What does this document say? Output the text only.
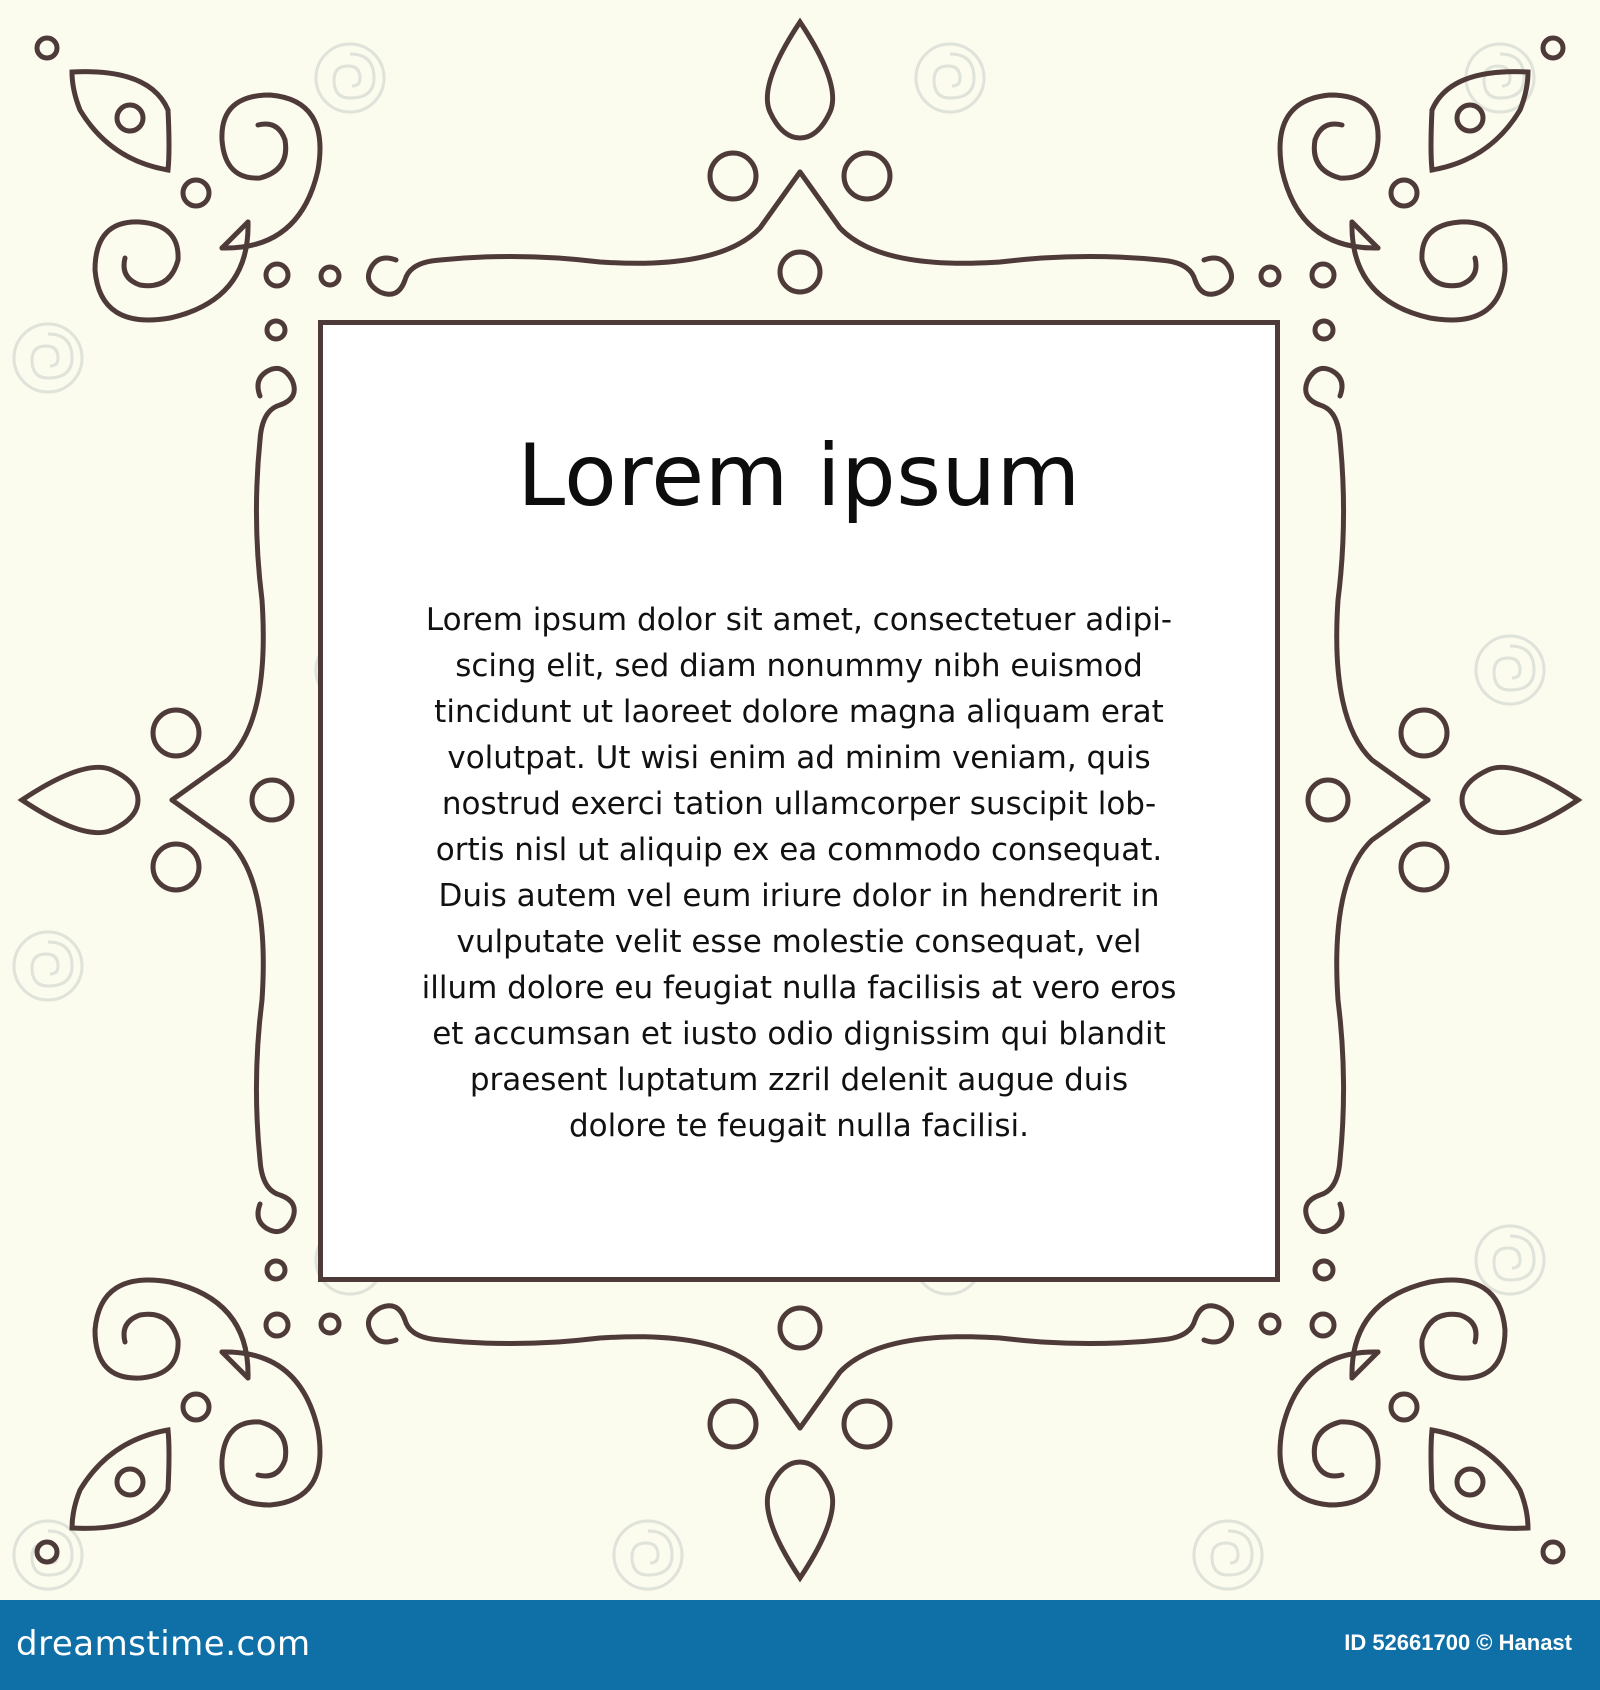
Lorem ipsum

Lorem ipsum dolor sit amet, consectetuer adipi-
scing elit, sed diam nonummy nibh euismod
tincidunt ut laoreet dolore magna aliquam erat
volutpat. Ut wisi enim ad minim veniam, quis
nostrud exerci tation ullamcorper suscipit lob-
ortis nisl ut aliquip ex ea commodo consequat.
Duis autem vel eum iriure dolor in hendrerit in
vulputate velit esse molestie consequat, vel
illum dolore eu feugiat nulla facilisis at vero eros
et accumsan et iusto odio dignissim qui blandit
praesent luptatum zzril delenit augue duis
dolore te feugait nulla facilisi.

dreamstime.com	ID 52661700 © Hanast
